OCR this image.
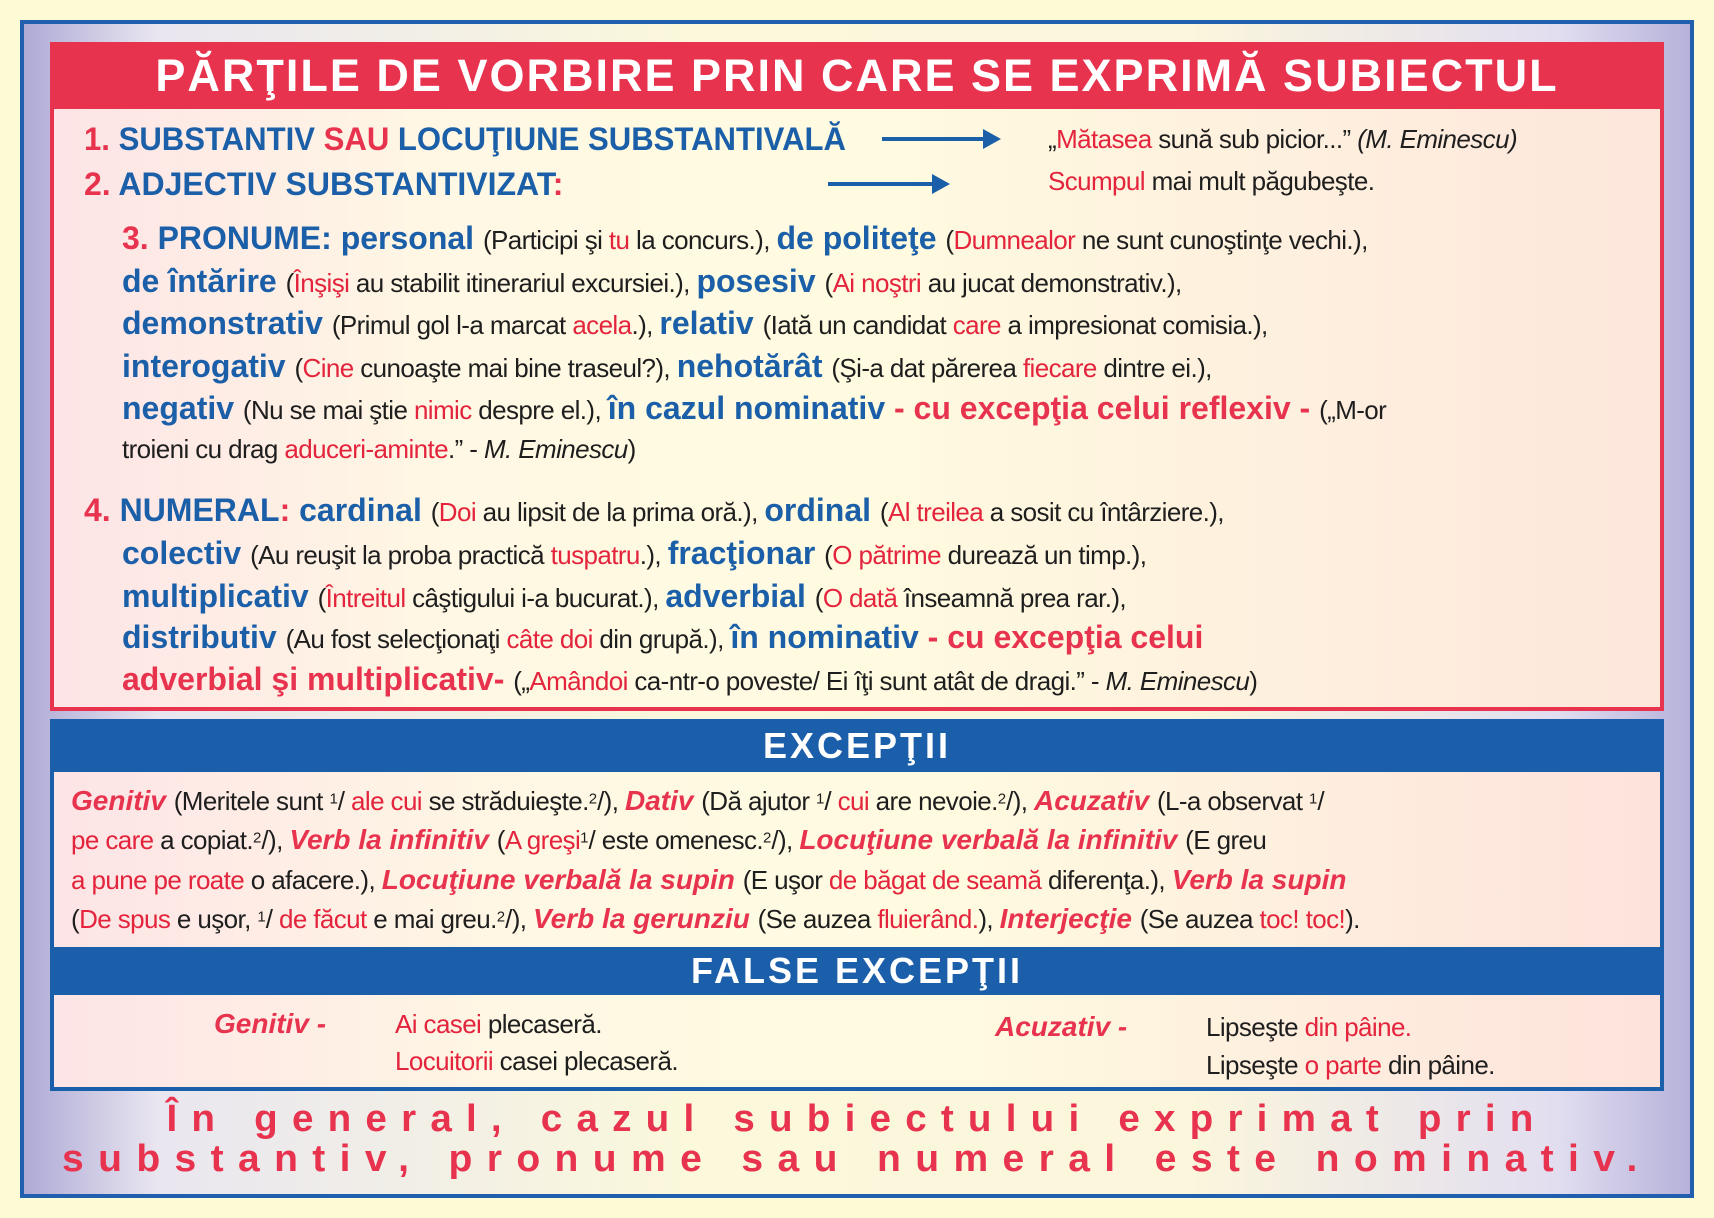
PĂRŢILE DE VORBIRE PRIN CARE SE EXPRIMĂ SUBIECTUL
1. SUBSTANTIV SAU LOCUŢIUNE SUBSTANTIVALĂ
2. ADJECTIV SUBSTANTIVIZAT:
3. PRONUME: personal (Participi şi tu la concurs.), de politeţe (Dumnealor ne sunt cunoştinţe vechi.),
de întărire (Înşişi au stabilit itinerariul excursiei.), posesiv (Ai noştri au jucat demonstrativ.),
demonstrativ (Primul gol l-a marcat acela.), relativ (Iată un candidat care a impresionat comisia.),
interogativ (Cine cunoaşte mai bine traseul?), nehotărât (Şi-a dat părerea fiecare dintre ei.),
negativ (Nu se mai ştie nimic despre el.), în cazul nominativ - cu excepţia celui reflexiv - („M-or
troieni cu drag aduceri-aminte.” - M. Eminescu)
4. NUMERAL: cardinal (Doi au lipsit de la prima oră.), ordinal (Al treilea a sosit cu întârziere.),
colectiv (Au reuşit la proba practică tuspatru.), fracţionar (O pătrime durează un timp.),
multiplicativ (Întreitul câştigului i-a bucurat.), adverbial (O dată înseamnă prea rar.),
distributiv (Au fost selecţionaţi câte doi din grupă.), în nominativ - cu excepţia celui
adverbial şi multiplicativ- („Amândoi ca-ntr-o poveste/ Ei îţi sunt atât de dragi.” - M. Eminescu)
„Mătasea sună sub picior...” (M. Eminescu)
Scumpul mai mult păgubeşte.
EXCEPŢII
Genitiv (Meritele sunt 1/ ale cui se străduieşte.2/), Dativ (Dă ajutor 1/ cui are nevoie.2/), Acuzativ (L-a observat 1/
pe care a copiat.2/), Verb la infinitiv (A greşi1/ este omenesc.2/), Locuţiune verbală la infinitiv (E greu
a pune pe roate o afacere.), Locuţiune verbală la supin (E uşor de băgat de seamă diferenţa.), Verb la supin
(De spus e uşor, 1/ de făcut e mai greu.2/), Verb la gerunziu (Se auzea fluierând.), Interjecţie (Se auzea toc! toc!).
FALSE EXCEPŢII
Genitiv -	Acuzativ -
Ai casei plecaseră.
Locuitorii casei plecaseră.
Lipseşte din pâine.
Lipseşte o parte din pâine.
În general, cazul subiectului exprimat prin
substantiv, pronume sau numeral este nominativ.
